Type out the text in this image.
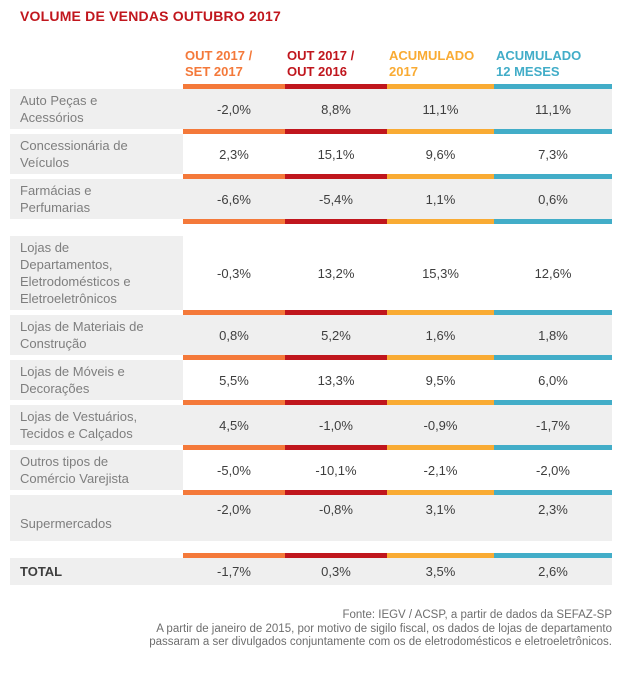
VOLUME DE VENDAS OUTUBRO 2017
OUT 2017 /
SET 2017
OUT 2017 /
OUT 2016
ACUMULADO
2017
ACUMULADO
12 MESES
Auto Peças e Acessórios
-2,0%	8,8%	11,1%	11,1%
Concessionária de Veículos
2,3%	15,1%	9,6%	7,3%
Farmácias e Perfumarias
-6,6%	-5,4%	1,1%	0,6%
Lojas de Departamentos, Eletrodomésticos e Eletroeletrônicos
-0,3%	13,2%	15,3%	12,6%
Lojas de Materiais de Construção
0,8%	5,2%	1,6%	1,8%
Lojas de Móveis e Decorações
5,5%	13,3%	9,5%	6,0%
Lojas de Vestuários, Tecidos e Calçados
4,5%	-1,0%	-0,9%	-1,7%
Outros tipos de Comércio Varejista
-5,0%	-10,1%	-2,1%	-2,0%
Supermercados
-2,0%	-0,8%	3,1%	2,3%
TOTAL	-1,7%	0,3%	3,5%	2,6%
Fonte: IEGV / ACSP, a partir de dados da SEFAZ-SP
A partir de janeiro de 2015, por motivo de sigilo fiscal, os dados de lojas de departamento
passaram a ser divulgados conjuntamente com os de eletrodomésticos e eletroeletrônicos.
